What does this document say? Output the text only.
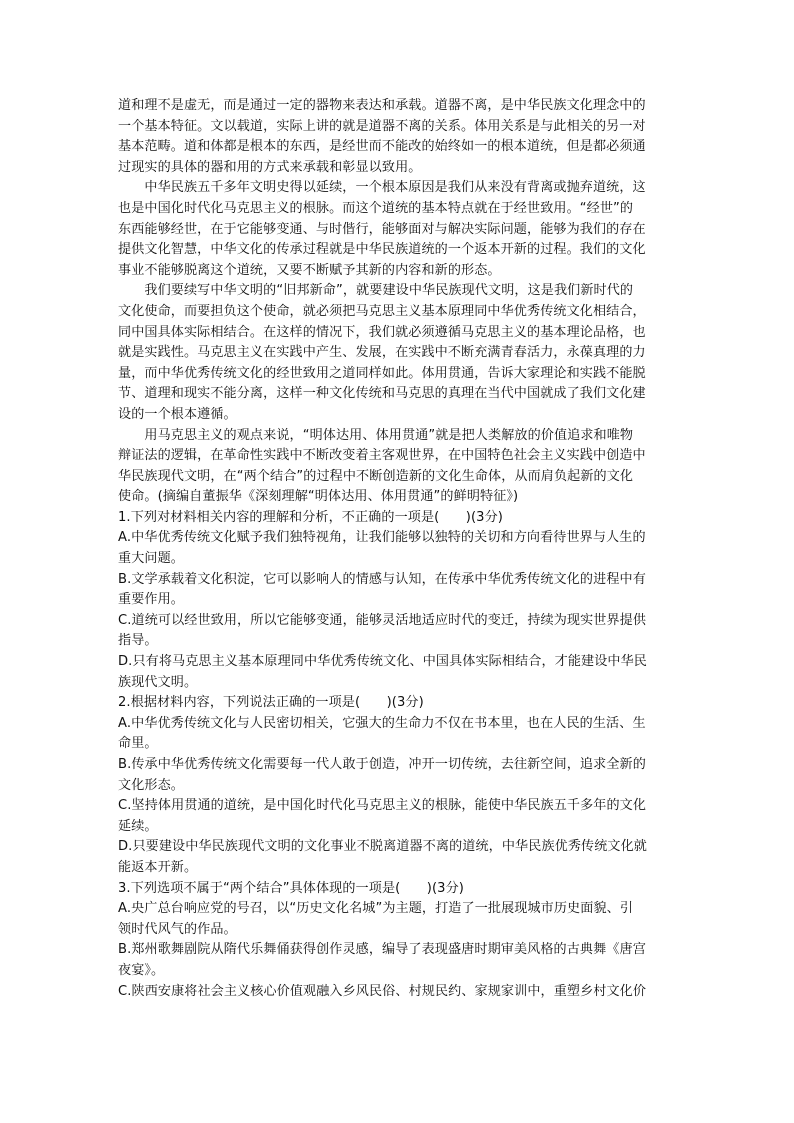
道和理不是虚无，而是通过一定的器物来表达和承载。道器不离，是中华民族文化理念中的
一个基本特征。文以载道，实际上讲的就是道器不离的关系。体用关系是与此相关的另一对
基本范畴。道和体都是根本的东西，是经世而不能改的始终如一的根本道统，但是都必须通
过现实的具体的器和用的方式来承载和彰显以致用。
　　中华民族五千多年文明史得以延续，一个根本原因是我们从来没有背离或抛弃道统，这
也是中国化时代化马克思主义的根脉。而这个道统的基本特点就在于经世致用。“经世”的
东西能够经世，在于它能够变通、与时偕行，能够面对与解决实际问题，能够为我们的存在
提供文化智慧，中华文化的传承过程就是中华民族道统的一个返本开新的过程。我们的文化
事业不能够脱离这个道统，又要不断赋予其新的内容和新的形态。
　　我们要续写中华文明的“旧邦新命”，就要建设中华民族现代文明，这是我们新时代的
文化使命，而要担负这个使命，就必须把马克思主义基本原理同中华优秀传统文化相结合，
同中国具体实际相结合。在这样的情况下，我们就必须遵循马克思主义的基本理论品格，也
就是实践性。马克思主义在实践中产生、发展，在实践中不断充满青春活力，永葆真理的力
量，而中华优秀传统文化的经世致用之道同样如此。体用贯通，告诉大家理论和实践不能脱
节、道理和现实不能分离，这样一种文化传统和马克思的真理在当代中国就成了我们文化建
设的一个根本遵循。
　　用马克思主义的观点来说，“明体达用、体用贯通”就是把人类解放的价值追求和唯物
辩证法的逻辑，在革命性实践中不断改变着主客观世界，在中国特色社会主义实践中创造中
华民族现代文明，在“两个结合”的过程中不断创造新的文化生命体，从而肩负起新的文化
使命。(摘编自董振华《深刻理解“明体达用、体用贯通”的鲜明特征》)
1.下列对材料相关内容的理解和分析，不正确的一项是(　　)(3分)
A.中华优秀传统文化赋予我们独特视角，让我们能够以独特的关切和方向看待世界与人生的
重大问题。
B.文学承载着文化积淀，它可以影响人的情感与认知，在传承中华优秀传统文化的进程中有
重要作用。
C.道统可以经世致用，所以它能够变通，能够灵活地适应时代的变迁，持续为现实世界提供
指导。
D.只有将马克思主义基本原理同中华优秀传统文化、中国具体实际相结合，才能建设中华民
族现代文明。
2.根据材料内容，下列说法正确的一项是(　　)(3分)
A.中华优秀传统文化与人民密切相关，它强大的生命力不仅在书本里，也在人民的生活、生
命里。
B.传承中华优秀传统文化需要每一代人敢于创造，冲开一切传统，去往新空间，追求全新的
文化形态。
C.坚持体用贯通的道统，是中国化时代化马克思主义的根脉，能使中华民族五千多年的文化
延续。
D.只要建设中华民族现代文明的文化事业不脱离道器不离的道统，中华民族优秀传统文化就
能返本开新。
3.下列选项不属于“两个结合”具体体现的一项是(　　)(3分)
A.央广总台响应党的号召，以“历史文化名城”为主题，打造了一批展现城市历史面貌、引
领时代风气的作品。
B.郑州歌舞剧院从隋代乐舞俑获得创作灵感，编导了表现盛唐时期审美风格的古典舞《唐宫
夜宴》。
C.陕西安康将社会主义核心价值观融入乡风民俗、村规民约、家规家训中，重塑乡村文化价
